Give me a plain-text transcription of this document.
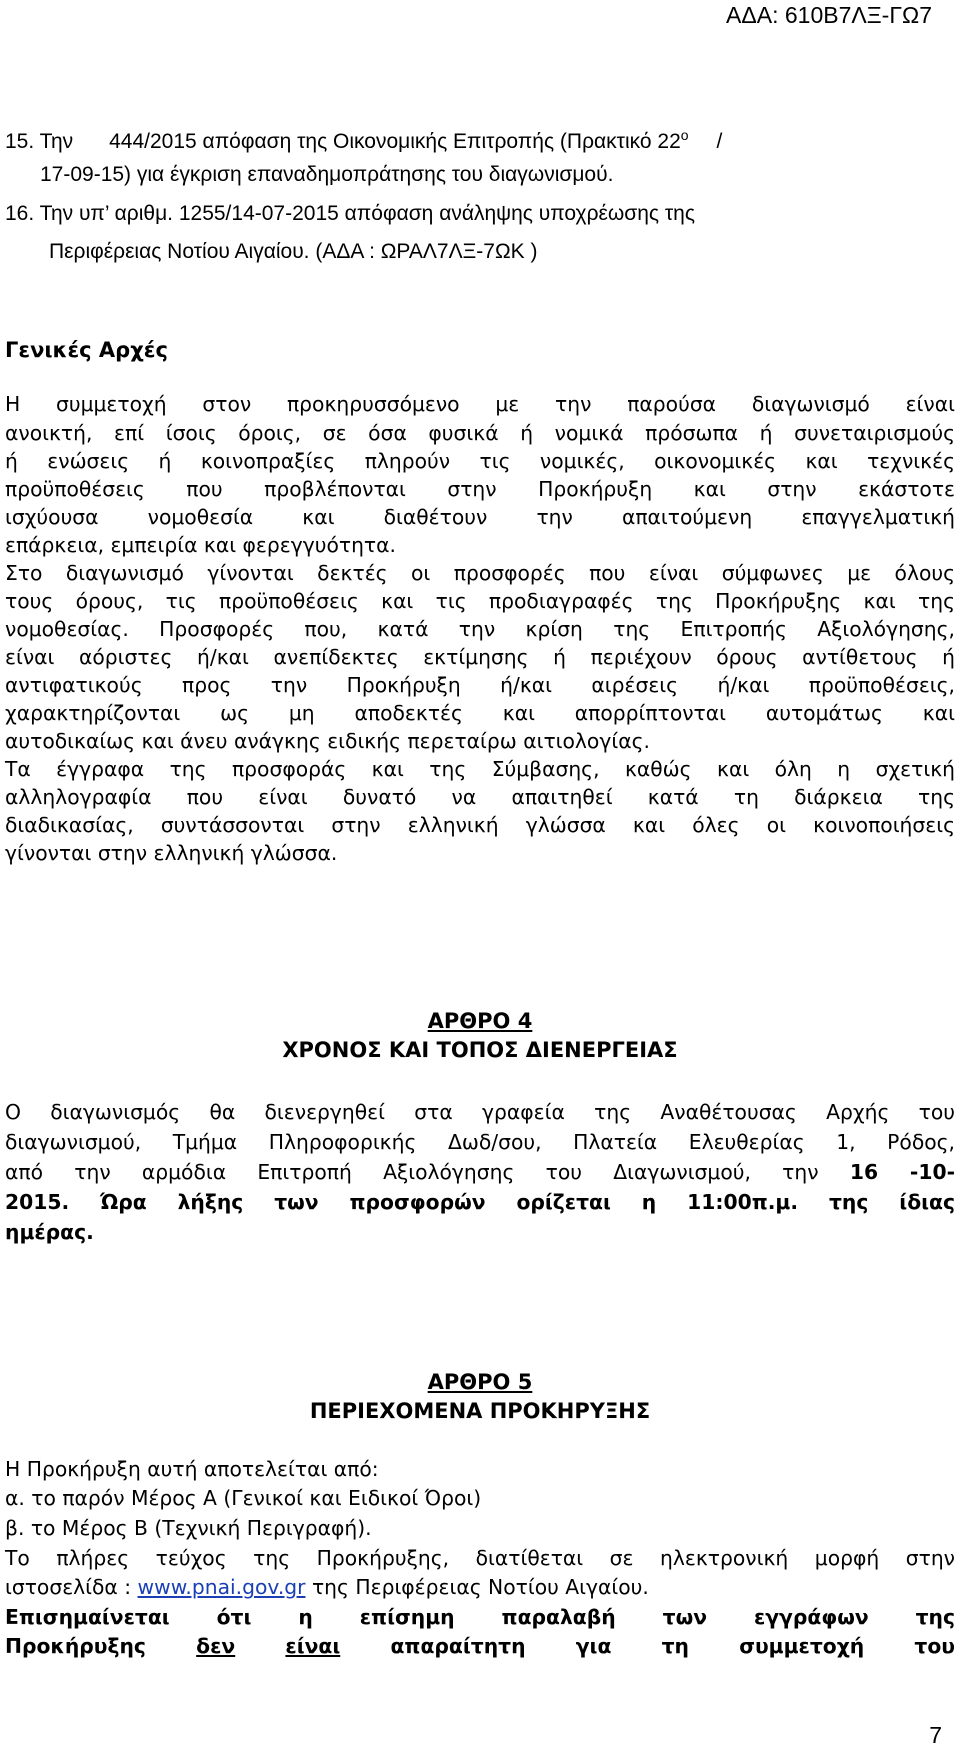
ΑΔΑ: 610Β7ΛΞ-ΓΩ7
15. Την 444/2015 απόφαση της Οικονομικής Επιτροπής (Πρακτικό $22^o$ /
17-09-15) για έγκριση επαναδημοπράτησης του διαγωνισμού.
16. Την υπ’ αριθμ. 1255/14-07-2015 απόφαση ανάληψης υποχρέωσης της
Περιφέρειας Νοτίου Αιγαίου. (ΑΔΑ : ΩΡΑΛ7ΛΞ-7ΩΚ )
Γενικές Αρχές
Η συμμετοχή στον προκηρυσσόμενο με την παρούσα διαγωνισμό είναι
ανοικτή, επί ίσοις όροις, σε όσα φυσικά ή νομικά πρόσωπα ή συνεταιρισμούς
ή ενώσεις ή κοινοπραξίες πληρούν τις νομικές, οικονομικές και τεχνικές
προϋποθέσεις που προβλέπονται στην Προκήρυξη και στην εκάστοτε
ισχύουσα νομοθεσία και διαθέτουν την απαιτούμενη επαγγελματική
επάρκεια, εμπειρία και φερεγγυότητα.
Στο διαγωνισμό γίνονται δεκτές οι προσφορές που είναι σύμφωνες με όλους
τους όρους, τις προϋποθέσεις και τις προδιαγραφές της Προκήρυξης και της
νομοθεσίας. Προσφορές που, κατά την κρίση της Επιτροπής Αξιολόγησης,
είναι αόριστες ή/και ανεπίδεκτες εκτίμησης ή περιέχουν όρους αντίθετους ή
αντιφατικούς προς την Προκήρυξη ή/και αιρέσεις ή/και προϋποθέσεις,
χαρακτηρίζονται ως μη αποδεκτές και απορρίπτονται αυτομάτως και
αυτοδικαίως και άνευ ανάγκης ειδικής περεταίρω αιτιολογίας.
Τα έγγραφα της προσφοράς και της Σύμβασης, καθώς και όλη η σχετική
αλληλογραφία που είναι δυνατό να απαιτηθεί κατά τη διάρκεια της
διαδικασίας, συντάσσονται στην ελληνική γλώσσα και όλες οι κοινοποιήσεις
γίνονται στην ελληνική γλώσσα.
ΑΡΘΡΟ 4
ΧΡΟΝΟΣ ΚΑΙ ΤΟΠΟΣ ΔΙΕΝΕΡΓΕΙΑΣ
Ο διαγωνισμός θα διενεργηθεί στα γραφεία της Αναθέτουσας Αρχής του
διαγωνισμού, Τμήμα Πληροφορικής Δωδ/σου, Πλατεία Ελευθερίας 1, Ρόδος,
από την αρμόδια Επιτροπή Αξιολόγησης του Διαγωνισμού, την 16 -10-
2015. Ώρα λήξης των προσφορών ορίζεται η 11:00π.μ. της ίδιας
ημέρας.
ΑΡΘΡΟ 5
ΠΕΡΙΕΧΟΜΕΝΑ ΠΡΟΚΗΡΥΞΗΣ
Η Προκήρυξη αυτή αποτελείται από:
α. το παρόν Μέρος Α (Γενικοί και Ειδικοί Όροι)
β. το Μέρος Β (Τεχνική Περιγραφή).
Το πλήρες τεύχος της Προκήρυξης, διατίθεται σε ηλεκτρονική μορφή στην
ιστοσελίδα : www.pnai.gov.gr της Περιφέρειας Νοτίου Αιγαίου.
Επισημαίνεται ότι η επίσημη παραλαβή των εγγράφων της
Προκήρυξης δεν είναι απαραίτητη για τη συμμετοχή του
7
